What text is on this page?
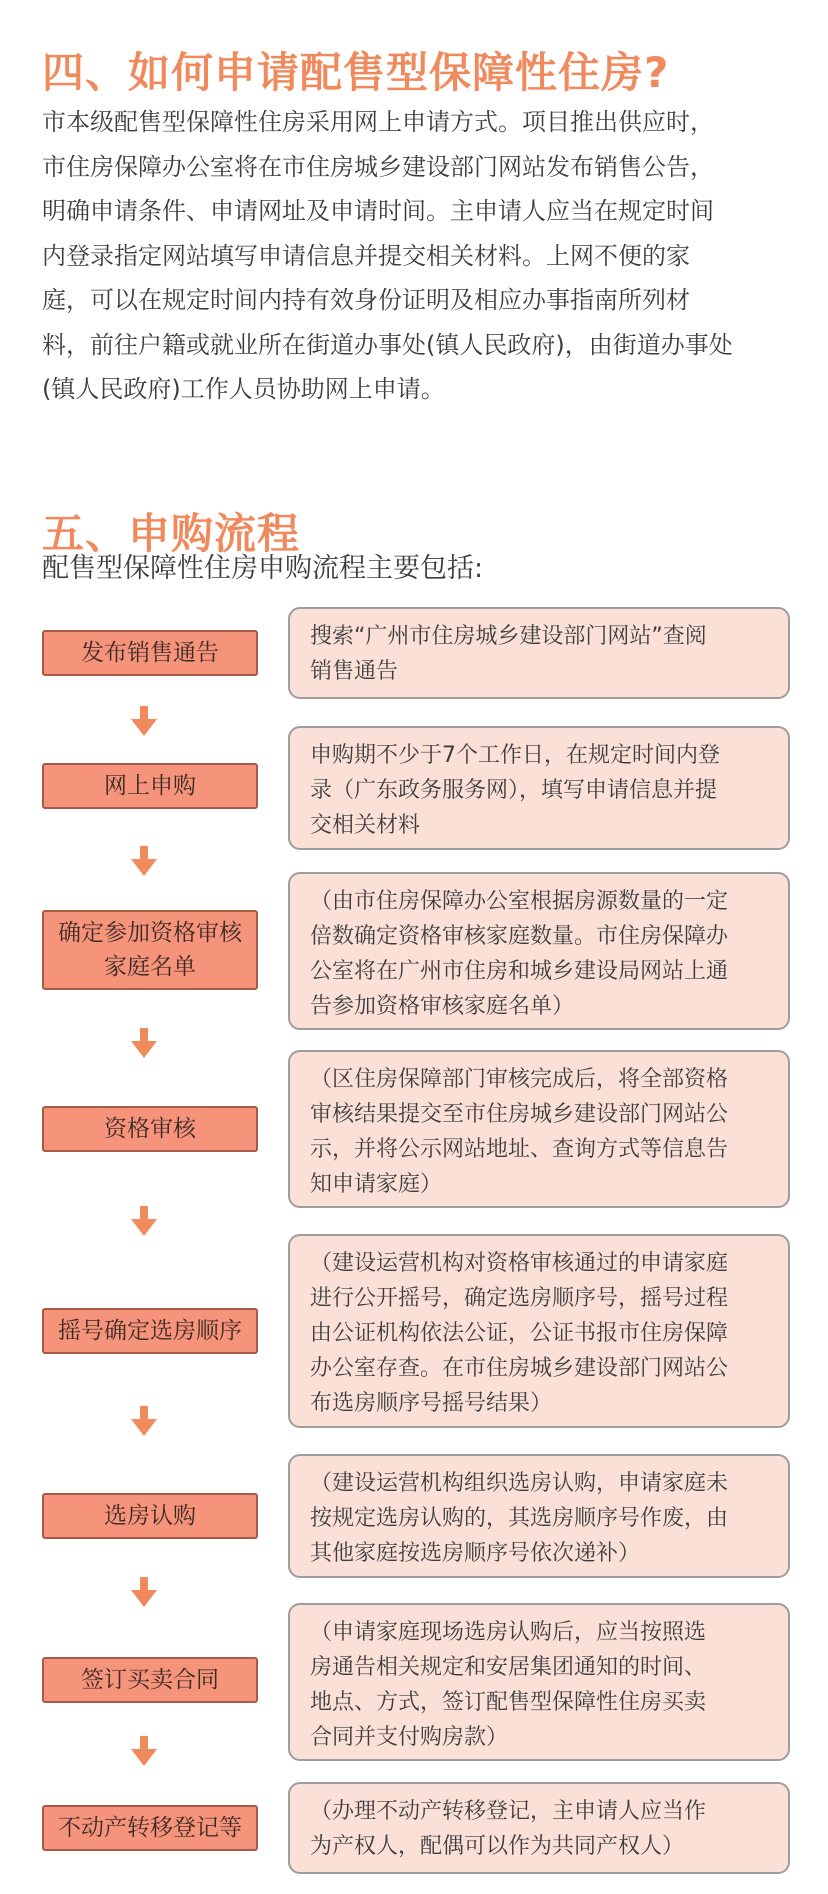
四、如何申请配售型保障性住房?

市本级配售型保障性住房采用网上申请方式。项目推出供应时，
市住房保障办公室将在市住房城乡建设部门网站发布销售公告，
明确申请条件、申请网址及申请时间。主申请人应当在规定时间
内登录指定网站填写申请信息并提交相关材料。上网不便的家
庭，可以在规定时间内持有效身份证明及相应办事指南所列材
料，前往户籍或就业所在街道办事处(镇人民政府)，由街道办事处
(镇人民政府)工作人员协助网上申请。

五、申购流程

配售型保障性住房申购流程主要包括:

发布销售通告
搜索“广州市住房城乡建设部门网站”查阅
销售通告
网上申购
申购期不少于7个工作日，在规定时间内登
录（广东政务服务网），填写申请信息并提
交相关材料
确定参加资格审核
家庭名单
（由市住房保障办公室根据房源数量的一定
倍数确定资格审核家庭数量。市住房保障办
公室将在广州市住房和城乡建设局网站上通
告参加资格审核家庭名单）
资格审核
（区住房保障部门审核完成后，将全部资格
审核结果提交至市住房城乡建设部门网站公
示，并将公示网站地址、查询方式等信息告
知申请家庭）
摇号确定选房顺序
（建设运营机构对资格审核通过的申请家庭
进行公开摇号，确定选房顺序号，摇号过程
由公证机构依法公证，公证书报市住房保障
办公室存查。在市住房城乡建设部门网站公
布选房顺序号摇号结果）
选房认购
（建设运营机构组织选房认购，申请家庭未
按规定选房认购的，其选房顺序号作废，由
其他家庭按选房顺序号依次递补）
签订买卖合同
（申请家庭现场选房认购后，应当按照选
房通告相关规定和安居集团通知的时间、
地点、方式，签订配售型保障性住房买卖
合同并支付购房款）
不动产转移登记等
（办理不动产转移登记，主申请人应当作
为产权人，配偶可以作为共同产权人）
